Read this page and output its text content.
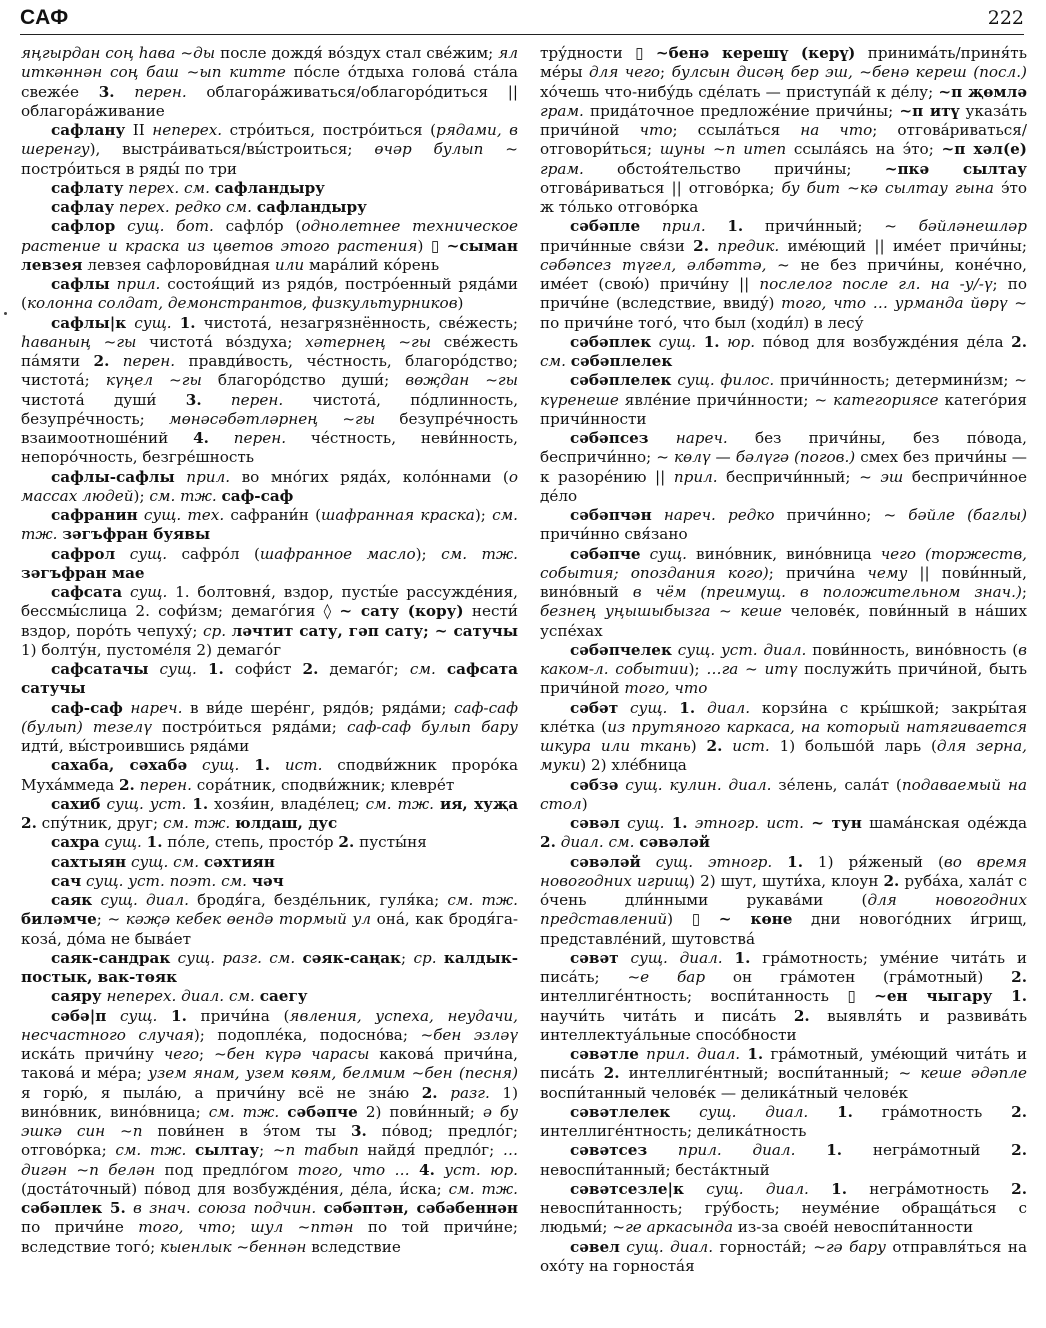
САФ	222

яңгырдан соң һава ~ды после дождя́ во́здух стал све́жим; ял иткәннән соң баш ~ып китте по́сле о́тдыха голова́ ста́ла свеже́е 3. перен. облагора́живаться/облагоро́диться || облагора́живание

сафлану II неперех. стро́иться, постро́иться (рядами, в шеренгу), выстра́иваться/вы́строиться; өчәр булып ~ постро́иться в ряды́ по три

сафлату перех. см. сафландыру

сафлау перех. редко см. сафландыру

сафлор сущ. бот. сафло́р (однолетнее техническое растение и краска из цветов этого растения) ▯ ~сыман левзея левзея сафлорови́дная или мара́лий ко́рень

сафлы прил. состоя́щий из рядо́в, постро́енный ряда́ми (колонна солдат, демонстрантов, физкультурников)

сафлы|к сущ. 1. чистота́, незагрязнённость, све́жесть; һаваның ~гы чистота́ во́здуха; хәтернең ~гы све́жесть па́мяти 2. перен. правди́вость, че́стность, благоро́дство; чистота́; күңел ~гы благоро́дство души́; вөҗдан ~гы чистота́ души́ 3. перен. чистота́, по́длинность, безупре́чность; мөнәсәбәтләрнең ~гы безупре́чность взаимоотноше́ний 4. перен. че́стность, неви́нность, непоро́чность, безгре́шность

сафлы-сафлы прил. во мно́гих ряда́х, коло́ннами (о массах людей); см. тж. саф-саф

сафранин сущ. тех. сафрани́н (шафранная краска); см. тж. зәгъфран буявы

сафрол сущ. сафро́л (шафранное масло); см. тж. зәгъфран мае

сафсата сущ. 1. болтовня́, вздор, пусты́е рассужде́ния, бессмы́слица 2. софи́зм; демаго́гия ◊ ~ сату (кору) нести́ вздор, поро́ть чепуху́; ср. ләчтит сату, гәп сату; ~ сатучы 1) болту́н, пустоме́ля 2) демаго́г

сафсатачы сущ. 1. софи́ст 2. демаго́г; см. сафсата сатучы

саф-саф нареч. в ви́де шере́нг, рядо́в; ряда́ми; саф-саф (булып) тезелү постро́иться ряда́ми; саф-саф булып бару идти́, вы́строившись ряда́ми

сахаба, сәхабә сущ. 1. ист. сподви́жник проро́ка Муха́ммеда 2. перен. сора́тник, сподви́жник; клевре́т

сахиб сущ. уст. 1. хозя́ин, владе́лец; см. тж. ия, хуҗа 2. спу́тник, друг; см. тж. юлдаш, дус

сахра сущ. 1. по́ле, степь, просто́р 2. пусты́ня

сахтыян сущ. см. сәхтиян

сач сущ. уст. поэт. см. чәч

саяк сущ. диал. бродя́га, безде́льник, гуля́ка; см. тж. биләмче; ~ кәҗә кебек өендә тормый ул она́, как бродя́га-коза́, до́ма не быва́ет

саяк-сандрак сущ. разг. см. сәяк-саңак; ср. калдык-постык, вак-төяк

саяру неперех. диал. см. саегу

сәбә|п сущ. 1. причи́на (явления, успеха, неудачи, несчастного случая); подопле́ка, подосно́ва; ~бен эзләү иска́ть причи́ну чего; ~бен күрә чарасы какова́ причи́на, такова́ и ме́ра; узем янам, узем көям, белмим ~бен (песня) я горю́, я пыла́ю, а причи́ну всё не зна́ю 2. разг. 1) вино́вник, вино́вница; см. тж. сәбәпче 2) пови́нный; ә бу эшкә син ~п пови́нен в э́том ты 3. по́вод; предло́г; отгово́рка; см. тж. сылтау; ~п табып найдя́ предло́г; … дигән ~п белән под предло́гом того, что … 4. уст. юр. (доста́точный) по́вод для возбужде́ния, де́ла, и́ска; см. тж. сәбәплек 5. в знач. союза подчин. сәбәптән, сәбәбеннән по причи́не того, что; шул ~птән по той причи́не; вследствие того́; кыенлык ~беннән вследствие

тру́дности ▯ ~бенә керешү (керү) принима́ть/приня́ть ме́ры для чего; булсын дисәң бер эш, ~бенә кереш (посл.) хо́чешь что-нибу́дь сде́лать — приступа́й к де́лу; ~п җөмлә грам. прида́точное предложе́ние причи́ны; ~п итү указа́ть причи́ной что; ссыла́ться на что; отгова́риваться/отговори́ться; шуны ~п итеп ссыла́ясь на э́то; ~п хәл(е) грам. обстоя́тельство причи́ны; ~пкә сылтау отгова́риваться || отгово́рка; бу бит ~кә сылтау гына э́то ж то́лько отгово́рка

сәбәпле прил. 1. причи́нный; ~ бәйләнешләр причи́нные свя́зи 2. предик. име́ющий || име́ет причи́ны; сәбәпсез түгел, әлбәттә, ~ не без причи́ны, коне́чно, име́ет (свою́) причи́ну || послелог после гл. на -у/-ү; по причи́не (вследствие, ввиду́) того, что … урманда йөрү ~ по причи́не того́, что был (ходи́л) в лесу́

сәбәплек сущ. 1. юр. по́вод для возбужде́ния де́ла 2. см. сәбәплелек

сәбәплелек сущ. филос. причи́нность; детермини́зм; ~ күренеше явле́ние причи́нности; ~ категориясе катего́рия причи́нности

сәбәпсез нареч. без причи́ны, без по́вода, беспричи́нно; ~ көлү — бәлүгә (погов.) смех без причи́ны — к разоре́нию || прил. беспричи́нный; ~ эш беспричи́нное де́ло

сәбәпчән нареч. редко причи́нно; ~ бәйле (баглы) причи́нно свя́зано

сәбәпче сущ. вино́вник, вино́вница чего (торжеств, события; опоздания кого); причи́на чему || пови́нный, вино́вный в чём (преимущ. в положительном знач.); безнең уңышыбызга ~ кеше челове́к, пови́нный в на́ших успе́хах

сәбәпчелек сущ. уст. диал. пови́нность, вино́вность (в каком-л. событии); …га ~ итү послужи́ть причи́ной, быть причи́ной того, что

сәбәт сущ. 1. диал. корзи́на с кры́шкой; закры́тая кле́тка (из прутяного каркаса, на который натягивается шкура или ткань) 2. ист. 1) большо́й ларь (для зерна, муки) 2) хле́бница

сәбзә сущ. кулин. диал. зе́лень, сала́т (подаваемый на стол)

сәвәл сущ. 1. этногр. ист. ~ тун шама́нская оде́жда 2. диал. см. сәвәләй

сәвәләй сущ. этногр. 1. 1) ря́женый (во время новогодних игрищ) 2) шут, шути́ха, клоун 2. руба́ха, хала́т с о́чень дли́нными рукава́ми (для новогодних представлений) ▯ ~ көне дни нового́дних и́грищ, представле́ний, шутовства́

сәвәт сущ. диал. 1. гра́мотность; уме́ние чита́ть и писа́ть; ~е бар он гра́мотен (гра́мотный) 2. интеллиге́нтность; воспи́танность ▯ ~ен чыгару 1. научи́ть чита́ть и писа́ть 2. выявля́ть и развива́ть интеллектуа́льные спосо́бности

сәвәтле прил. диал. 1. гра́мотный, уме́ющий чита́ть и писа́ть 2. интеллиге́нтный; воспи́танный; ~ кеше әдәпле воспи́танный челове́к — делика́тный челове́к

сәвәтлелек сущ. диал. 1. гра́мотность 2. интеллиге́нтность; делика́тность

сәвәтсез прил. диал. 1. негра́мотный 2. невоспи́танный; беста́ктный

сәвәтсезле|к сущ. диал. 1. негра́мотность 2. невоспи́танность; гру́бость; неуме́ние обраща́ться с людьми́; ~ге аркасында из-за свое́й невоспи́танности

сәвел сущ. диал. горноста́й; ~гә бару отправля́ться на охо́ту на горноста́я
